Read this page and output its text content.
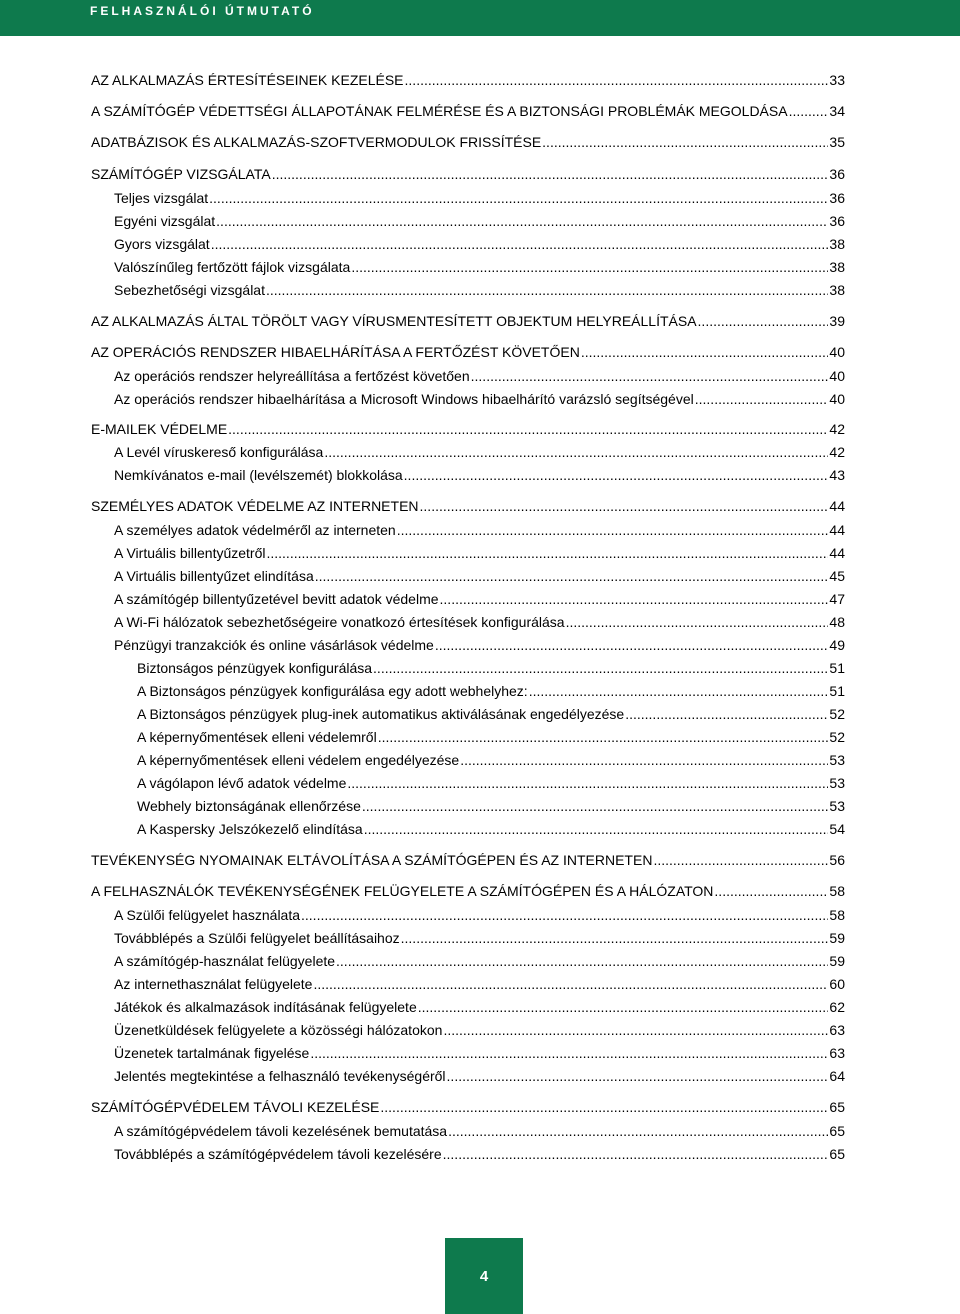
FELHASZNÁLÓI ÚTMUTATÓ
AZ ALKALMAZÁS ÉRTESÍTÉSEINEK KEZELÉSE .....	33
A SZÁMÍTÓGÉP VÉDETTSÉGI ÁLLAPOTÁNAK FELMÉRÉSE ÉS A BIZTONSÁGI PROBLÉMÁK MEGOLDÁSA .....	34
ADATBÁZISOK ÉS ALKALMAZÁS-SZOFTVERMODULOK FRISSÍTÉSE .....	35
SZÁMÍTÓGÉP VIZSGÁLATA .....	36
Teljes vizsgálat .....	36
Egyéni vizsgálat .....	36
Gyors vizsgálat .....	38
Valószínűleg fertőzött fájlok vizsgálata .....	38
Sebezhetőségi vizsgálat .....	38
AZ ALKALMAZÁS ÁLTAL TÖRÖLT VAGY VÍRUSMENTESÍTETT OBJEKTUM HELYREÁLLÍTÁSA .....	39
AZ OPERÁCIÓS RENDSZER HIBAELHÁRÍTÁSA A FERTŐZÉST KÖVETŐEN .....	40
Az operációs rendszer helyreállítása a fertőzést követően .....	40
Az operációs rendszer hibaelhárítása a Microsoft Windows hibaelhárító varázsló segítségével .....	40
E-MAILEK VÉDELME .....	42
A Levél víruskereső konfigurálása .....	42
Nemkívánatos e-mail (levélszemét) blokkolása .....	43
SZEMÉLYES ADATOK VÉDELME AZ INTERNETEN .....	44
A személyes adatok védelméről az interneten .....	44
A Virtuális billentyűzetről .....	44
A Virtuális billentyűzet elindítása .....	45
A számítógép billentyűzetével bevitt adatok védelme .....	47
A Wi-Fi hálózatok sebezhetőségeire vonatkozó értesítések konfigurálása .....	48
Pénzügyi tranzakciók és online vásárlások védelme .....	49
Biztonságos pénzügyek konfigurálása .....	51
A Biztonságos pénzügyek konfigurálása egy adott webhelyhez: .....	51
A Biztonságos pénzügyek plug-inek automatikus aktiválásának engedélyezése .....	52
A képernyőmentések elleni védelemről .....	52
A képernyőmentések elleni védelem engedélyezése .....	53
A vágólapon lévő adatok védelme .....	53
Webhely biztonságának ellenőrzése .....	53
A Kaspersky Jelszókezelő elindítása .....	54
TEVÉKENYSÉG NYOMAINAK ELTÁVOLÍTÁSA A SZÁMÍTÓGÉPEN ÉS AZ INTERNETEN .....	56
A FELHASZNÁLÓK TEVÉKENYSÉGÉNEK FELÜGYELETE A SZÁMÍTÓGÉPEN ÉS A HÁLÓZATON .....	58
A Szülői felügyelet használata .....	58
Továbblépés a Szülői felügyelet beállításaihoz .....	59
A számítógép-használat felügyelete .....	59
Az internethasználat felügyelete .....	60
Játékok és alkalmazások indításának felügyelete .....	62
Üzenetküldések felügyelete a közösségi hálózatokon .....	63
Üzenetek tartalmának figyelése .....	63
Jelentés megtekintése a felhasználó tevékenységéről .....	64
SZÁMÍTÓGÉPVÉDELEM TÁVOLI KEZELÉSE .....	65
A számítógépvédelem távoli kezelésének bemutatása .....	65
Továbblépés a számítógépvédelem távoli kezelésére .....	65
4
